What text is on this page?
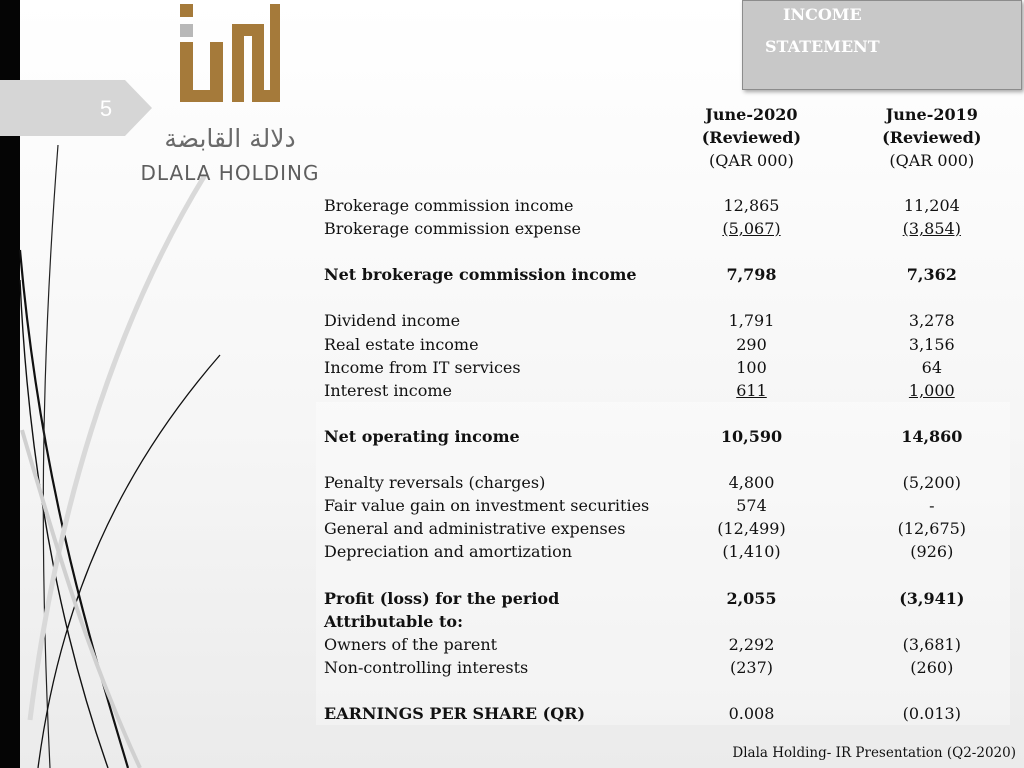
5
دلالة القابضة
DLALA HOLDING
INCOME
STATEMENT
June-2020
(Reviewed)
(QAR 000)
June-2019
(Reviewed)
(QAR 000)
Brokerage commission income	12,865	11,204
Brokerage commission expense	(5,067)	(3,854)
Net brokerage commission income	7,798	7,362
Dividend income	1,791	3,278
Real estate income	290	3,156
Income from IT services	100	64
Interest income	611	1,000
Net operating income	10,590	14,860
Penalty reversals (charges)	4,800	(5,200)
Fair value gain on investment securities	574	-
General and administrative expenses	(12,499)	(12,675)
Depreciation and amortization	(1,410)	(926)
Profit (loss) for the period	2,055	(3,941)
Attributable to:
Owners of the parent	2,292	(3,681)
Non-controlling interests	(237)	(260)
EARNINGS PER SHARE (QR)	0.008	(0.013)
Dlala Holding- IR Presentation (Q2-2020)
